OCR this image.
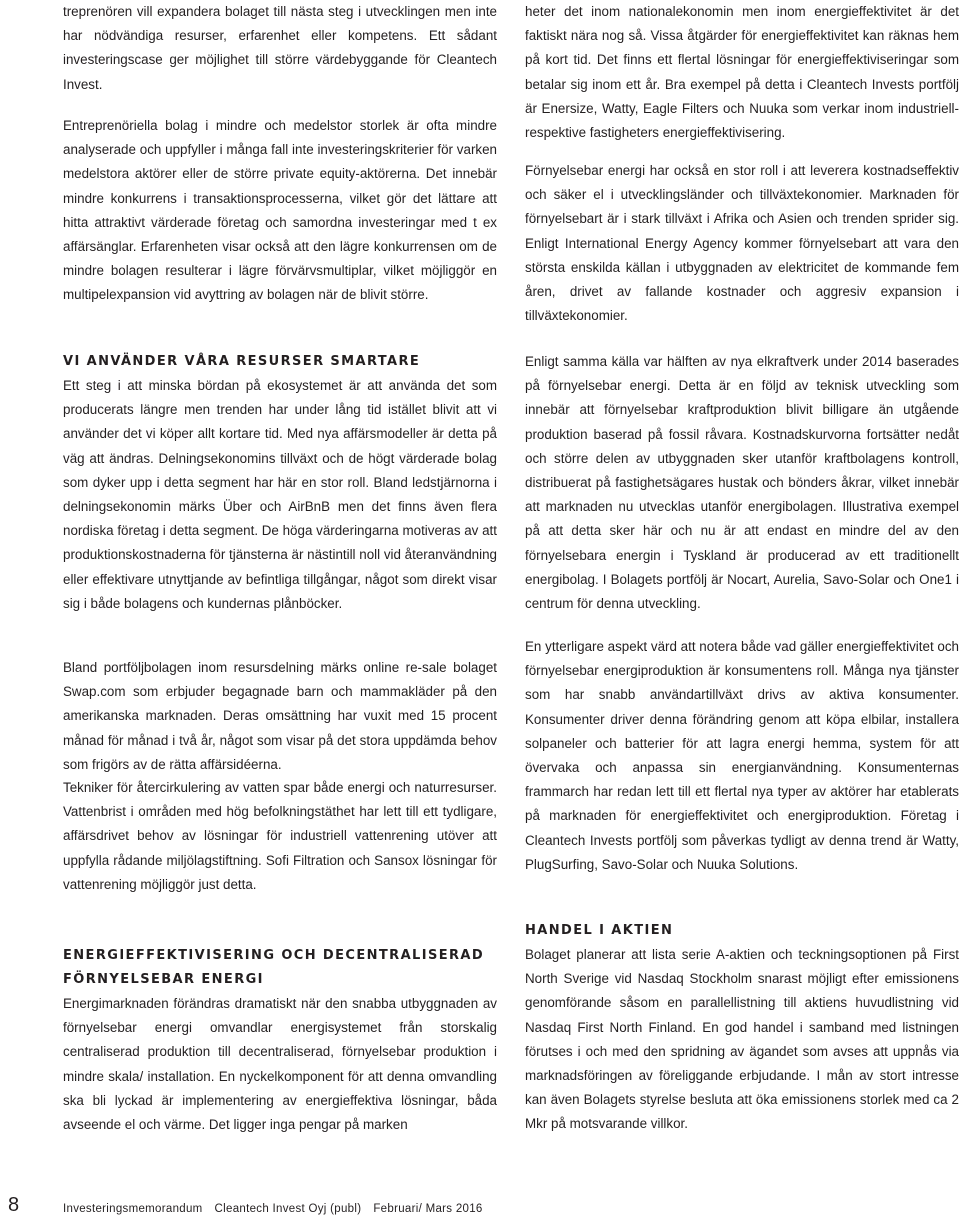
treprenören vill expandera bolaget till nästa steg i utvecklingen men inte har nödvändiga resurser, erfarenhet eller kompetens. Ett sådant investeringscase ger möjlighet till större värdebyggande för Cleantech Invest.

Entreprenöriella bolag i mindre och medelstor storlek är ofta mindre analyserade och uppfyller i många fall inte investeringskriterier för varken medelstora aktörer eller de större private equity-aktörerna. Det innebär mindre konkurrens i transaktionsprocesserna, vilket gör det lättare att hitta attraktivt värderade företag och samordna investeringar med t ex affärsänglar. Erfarenheten visar också att den lägre konkurrensen om de mindre bolagen resulterar i lägre förvärvsmultiplar, vilket möjliggör en multipelexpansion vid avyttring av bolagen när de blivit större.

VI ANVÄNDER VÅRA RESURSER SMARTARE

Ett steg i att minska bördan på ekosystemet är att använda det som producerats längre men trenden har under lång tid istället blivit att vi använder det vi köper allt kortare tid. Med nya affärsmodeller är detta på väg att ändras. Delningsekonomins tillväxt och de högt värderade bolag som dyker upp i detta segment har här en stor roll. Bland ledstjärnorna i delningsekonomin märks Über och AirBnB men det finns även flera nordiska företag i detta segment. De höga värderingarna motiveras av att produktionskostnaderna för tjänsterna är nästintill noll vid återanvändning eller effektivare utnyttjande av befintliga tillgångar, något som direkt visar sig i både bolagens och kundernas plånböcker.

Bland portföljbolagen inom resursdelning märks online re-sale bolaget Swap.com som erbjuder begagnade barn och mammakläder på den amerikanska marknaden. Deras omsättning har vuxit med 15 procent månad för månad i två år, något som visar på det stora uppdämda behov som frigörs av de rätta affärsidéerna.

Tekniker för återcirkulering av vatten spar både energi och naturresurser. Vattenbrist i områden med hög befolkningstäthet har lett till ett tydligare, affärsdrivet behov av lösningar för industriell vattenrening utöver att uppfylla rådande miljölagstiftning. Sofi Filtration och Sansox lösningar för vattenrening möjliggör just detta.

ENERGIEFFEKTIVISERING OCH DECENTRALISERAD
FÖRNYELSEBAR ENERGI

Energimarknaden förändras dramatiskt när den snabba utbyggnaden av förnyelsebar energi omvandlar energisystemet från storskalig centraliserad produktion till decentraliserad, förnyelsebar produktion i mindre skala/ installation. En nyckelkomponent för att denna omvandling ska bli lyckad är implementering av energieffektiva lösningar, båda avseende el och värme. Det ligger inga pengar på marken

heter det inom nationalekonomin men inom energieffektivitet är det faktiskt nära nog så. Vissa åtgärder för energieffektivitet kan räknas hem på kort tid. Det finns ett flertal lösningar för energieffektiviseringar som betalar sig inom ett år. Bra exempel på detta i Cleantech Invests portfölj är Enersize, Watty, Eagle Filters och Nuuka som verkar inom industriell- respektive fastigheters energieffektivisering.

Förnyelsebar energi har också en stor roll i att leverera kostnadseffektiv och säker el i utvecklingsländer och tillväxtekonomier. Marknaden för förnyelsebart är i stark tillväxt i Afrika och Asien och trenden sprider sig. Enligt International Energy Agency kommer förnyelsebart att vara den största enskilda källan i utbyggnaden av elektricitet de kommande fem åren, drivet av fallande kostnader och aggresiv expansion i tillväxtekonomier.

Enligt samma källa var hälften av nya elkraftverk under 2014 baserades på förnyelsebar energi. Detta är en följd av teknisk utveckling som innebär att förnyelsebar kraftproduktion blivit billigare än utgående produktion baserad på fossil råvara. Kostnadskurvorna fortsätter nedåt och större delen av utbyggnaden sker utanför kraftbolagens kontroll, distribuerat på fastighetsägares hustak och bönders åkrar, vilket innebär att marknaden nu utvecklas utanför energibolagen. Illustrativa exempel på att detta sker här och nu är att endast en mindre del av den förnyelsebara energin i Tyskland är producerad av ett traditionellt energibolag. I Bolagets portfölj är Nocart, Aurelia, Savo-Solar och One1 i centrum för denna utveckling.

En ytterligare aspekt värd att notera både vad gäller energieffektivitet och förnyelsebar energiproduktion är konsumentens roll. Många nya tjänster som har snabb användartillväxt drivs av aktiva konsumenter. Konsumenter driver denna förändring genom att köpa elbilar, installera solpaneler och batterier för att lagra energi hemma, system för att övervaka och anpassa sin energianvändning. Konsumenternas frammarch har redan lett till ett flertal nya typer av aktörer har etablerats på marknaden för energieffektivitet och energiproduktion. Företag i Cleantech Invests portfölj som påverkas tydligt av denna trend är Watty, PlugSurfing, Savo-Solar och Nuuka Solutions.

HANDEL I AKTIEN

Bolaget planerar att lista serie A-aktien och teckningsoptionen på First North Sverige vid Nasdaq Stockholm snarast möjligt efter emissionens genomförande såsom en parallellistning till aktiens huvudlistning vid Nasdaq First North Finland. En god handel i samband med listningen förutses i och med den spridning av ägandet som avses att uppnås via marknadsföringen av föreliggande erbjudande. I mån av stort intresse kan även Bolagets styrelse besluta att öka emissionens storlek med ca 2 Mkr på motsvarande villkor.

8	Investeringsmemorandum Cleantech Invest Oyj (publ) Februari/ Mars 2016
